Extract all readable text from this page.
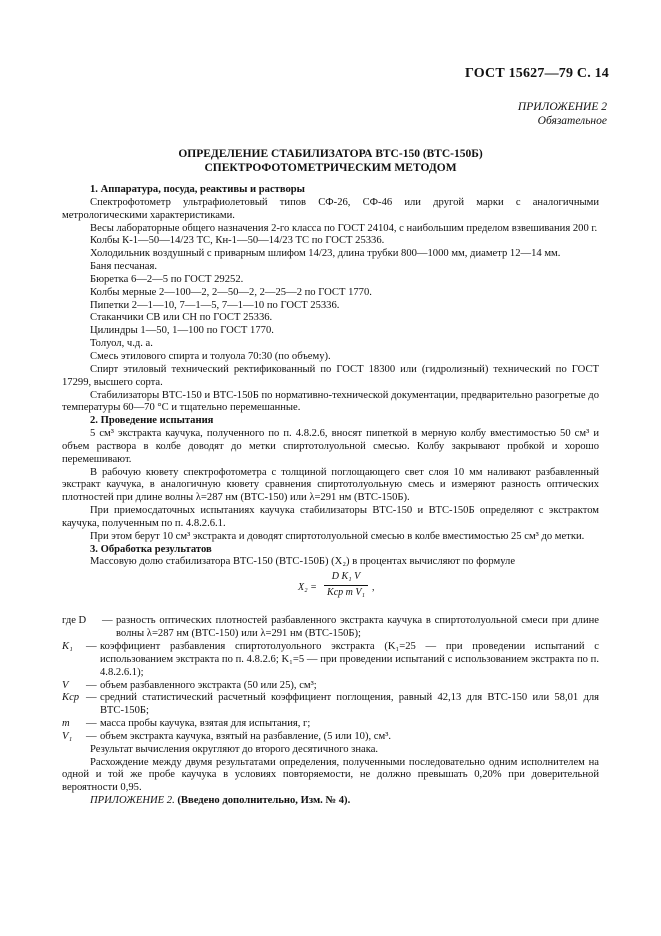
ГОСТ 15627—79 С. 14
ПРИЛОЖЕНИЕ 2
Обязательное
ОПРЕДЕЛЕНИЕ СТАБИЛИЗАТОРА ВТС-150 (ВТС-150Б)
СПЕКТРОФОТОМЕТРИЧЕСКИМ МЕТОДОМ
1. Аппаратура, посуда, реактивы и растворы
Спектрофотометр ультрафиолетовый типов СФ-26, СФ-46 или другой марки с аналогичными метрологическими характеристиками.
Весы лабораторные общего назначения 2-го класса по ГОСТ 24104, с наибольшим пределом взвешивания 200 г.
Колбы К-1—50—14/23 ТС, Кн-1—50—14/23 ТС по ГОСТ 25336.
Холодильник воздушный с приварным шлифом 14/23, длина трубки 800—1000 мм, диаметр 12—14 мм.
Баня песчаная.
Бюретка 6—2—5 по ГОСТ 29252.
Колбы мерные 2—100—2, 2—50—2, 2—25—2 по ГОСТ 1770.
Пипетки 2—1—10, 7—1—5, 7—1—10 по ГОСТ 25336.
Стаканчики СВ или СН по ГОСТ 25336.
Цилиндры 1—50, 1—100 по ГОСТ 1770.
Толуол, ч.д. а.
Смесь этилового спирта и толуола 70:30 (по объему).
Спирт этиловый технический ректификованный по ГОСТ 18300 или (гидролизный) технический по ГОСТ 17299, высшего сорта.
Стабилизаторы ВТС-150 и ВТС-150Б по нормативно-технической документации, предварительно разогретые до температуры 60—70 °С и тщательно перемешанные.
2. Проведение испытания
5 см³ экстракта каучука, полученного по п. 4.8.2.6, вносят пипеткой в мерную колбу вместимостью 50 см³ и объем раствора в колбе доводят до метки спиртотолуольной смесью. Колбу закрывают пробкой и хорошо перемешивают.
В рабочую кювету спектрофотометра с толщиной поглощающего свет слоя 10 мм наливают разбавленный экстракт каучука, в аналогичную кювету сравнения спиртотолуольную смесь и измеряют разность оптических плотностей при длине волны λ=287 нм (ВТС-150) или λ=291 нм (ВТС-150Б).
При приемосдаточных испытаниях каучука стабилизаторы ВТС-150 и ВТС-150Б определяют с экстрактом каучука, полученным по п. 4.8.2.6.1.
При этом берут 10 см³ экстракта и доводят спиртотолуольной смесью в колбе вместимостью 25 см³ до метки.
3. Обработка результатов
Массовую долю стабилизатора ВТС-150 (ВТС-150Б) (X₂) в процентах вычисляют по формуле
X₂ =
D K₁ V
Kср m V₁ ,
где D	— разность оптических плотностей разбавленного экстракта каучука в спиртотолуольной смеси при длине волны λ=287 нм (ВТС-150) или λ=291 нм (ВТС-150Б);
K₁	— коэффициент разбавления спиртотолуольного экстракта (K₁=25 — при проведении испытаний с использованием экстракта по п. 4.8.2.6; K₁=5 — при проведении испытаний с использованием экстракта по п. 4.8.2.6.1);
V	— объем разбавленного экстракта (50 или 25), см³;
Kср — средний статистический расчетный коэффициент поглощения, равный 42,13 для ВТС-150 или 58,01 для ВТС-150Б;
m	— масса пробы каучука, взятая для испытания, г;
V₁	— объем экстракта каучука, взятый на разбавление, (5 или 10), см³.
Результат вычисления округляют до второго десятичного знака.
Расхождение между двумя результатами определения, полученными последовательно одним исполнителем на одной и той же пробе каучука в условиях повторяемости, не должно превышать 0,20% при доверительной вероятности 0,95.
ПРИЛОЖЕНИЕ 2. (Введено дополнительно, Изм. № 4).
